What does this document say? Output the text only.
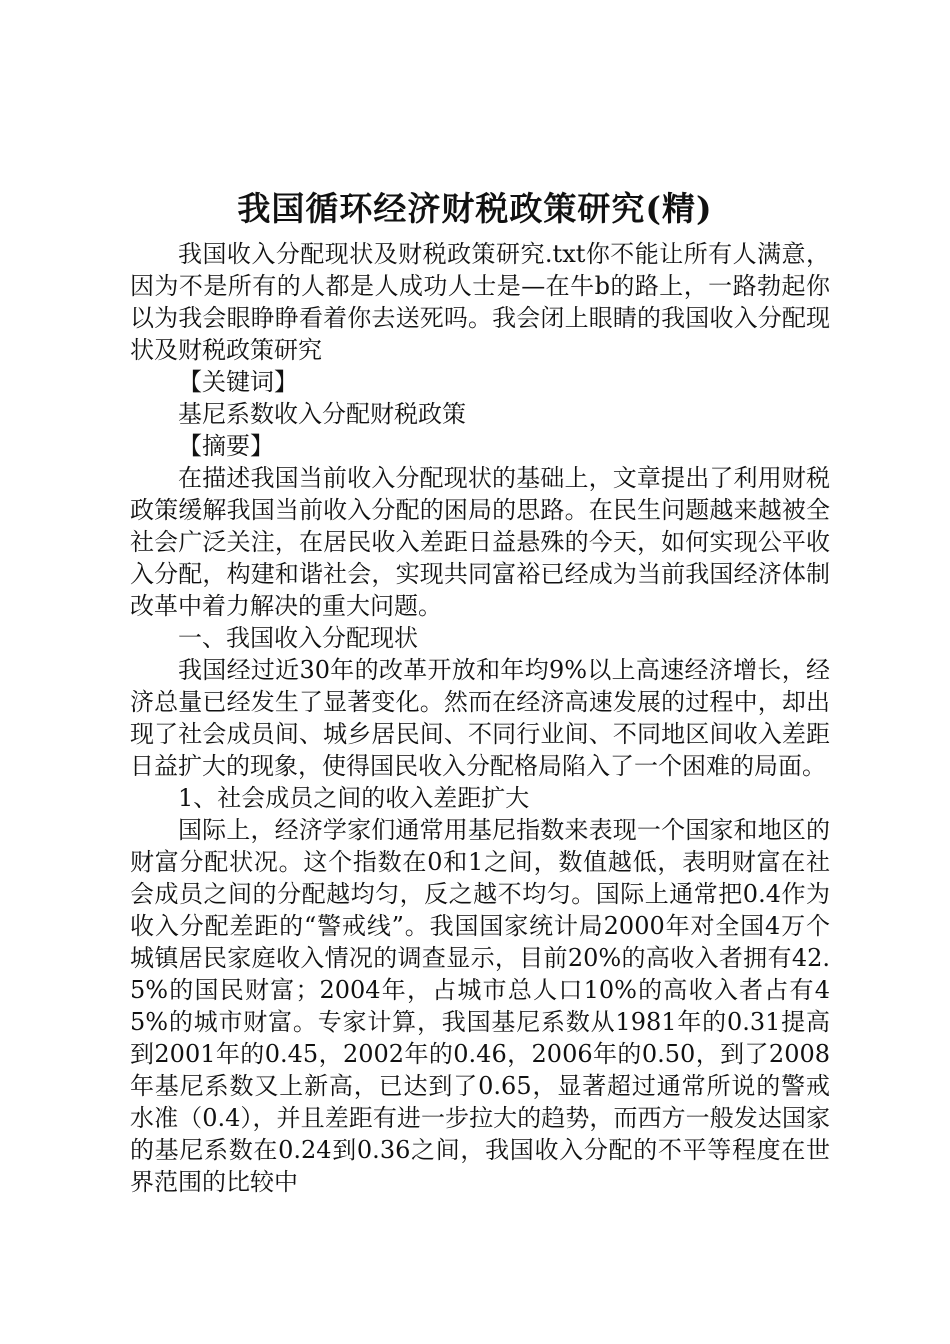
我国循环经济财税政策研究(精)

我国收入分配现状及财税政策研究.txt你不能让所有人满意，因为不是所有的人都是人成功人士是—在牛b的路上，一路勃起你以为我会眼睁睁看着你去送死吗。我会闭上眼睛的我国收入分配现状及财税政策研究

【关键词】

基尼系数收入分配财税政策

【摘要】

在描述我国当前收入分配现状的基础上，文章提出了利用财税政策缓解我国当前收入分配的困局的思路。在民生问题越来越被全社会广泛关注，在居民收入差距日益悬殊的今天，如何实现公平收入分配，构建和谐社会，实现共同富裕已经成为当前我国经济体制改革中着力解决的重大问题。

一、我国收入分配现状

我国经过近30年的改革开放和年均9%以上高速经济增长，经济总量已经发生了显著变化。然而在经济高速发展的过程中，却出现了社会成员间、城乡居民间、不同行业间、不同地区间收入差距日益扩大的现象，使得国民收入分配格局陷入了一个困难的局面。

1、社会成员之间的收入差距扩大

国际上，经济学家们通常用基尼指数来表现一个国家和地区的财富分配状况。这个指数在0和1之间，数值越低，表明财富在社会成员之间的分配越均匀，反之越不均匀。国际上通常把0.4作为收入分配差距的“警戒线”。我国国家统计局2000年对全国4万个城镇居民家庭收入情况的调查显示，目前20%的高收入者拥有42.5%的国民财富；2004年，占城市总人口10%的高收入者占有45%的城市财富。专家计算，我国基尼系数从1981年的0.31提高到2001年的0.45，2002年的0.46，2006年的0.50，到了2008年基尼系数又上新高，已达到了0.65，显著超过通常所说的警戒水准（0.4），并且差距有进一步拉大的趋势，而西方一般发达国家的基尼系数在0.24到0.36之间，我国收入分配的不平等程度在世界范围的比较中
